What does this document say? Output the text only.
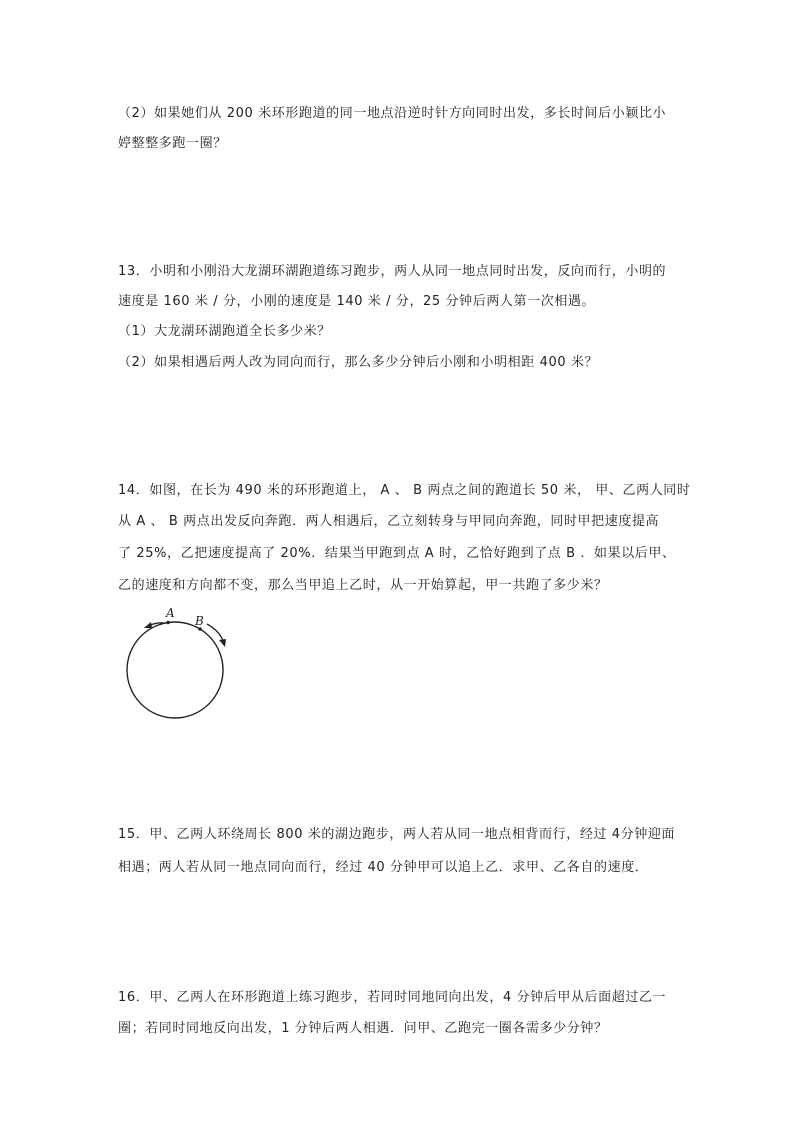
（2）如果她们从 200 米环形跑道的同一地点沿逆时针方向同时出发，多长时间后小颖比小
婷整整多跑一圈？
13．小明和小刚沿大龙湖环湖跑道练习跑步，两人从同一地点同时出发，反向而行，小明的
速度是 160 米 / 分，小刚的速度是 140 米 / 分，25 分钟后两人第一次相遇。
（1）大龙湖环湖跑道全长多少米？
（2）如果相遇后两人改为同向而行，那么多少分钟后小刚和小明相距 400 米？
14．如图，在长为 490 米的环形跑道上， A 、 B 两点之间的跑道长 50 米， 甲、乙两人同时
从 A 、 B 两点出发反向奔跑．两人相遇后，乙立刻转身与甲同向奔跑，同时甲把速度提高
了 25%，乙把速度提高了 20%．结果当甲跑到点 A 时，乙恰好跑到了点 B ．如果以后甲、
乙的速度和方向都不变，那么当甲追上乙时，从一开始算起，甲一共跑了多少米？
A
B
15．甲、乙两人环绕周长 800 米的湖边跑步，两人若从同一地点相背而行，经过 4分钟迎面
相遇；两人若从同一地点同向而行，经过 40 分钟甲可以追上乙．求甲、乙各自的速度．
16．甲、乙两人在环形跑道上练习跑步，若同时同地同向出发，4 分钟后甲从后面超过乙一
圈；若同时同地反向出发，1 分钟后两人相遇．问甲、乙跑完一圈各需多少分钟？
